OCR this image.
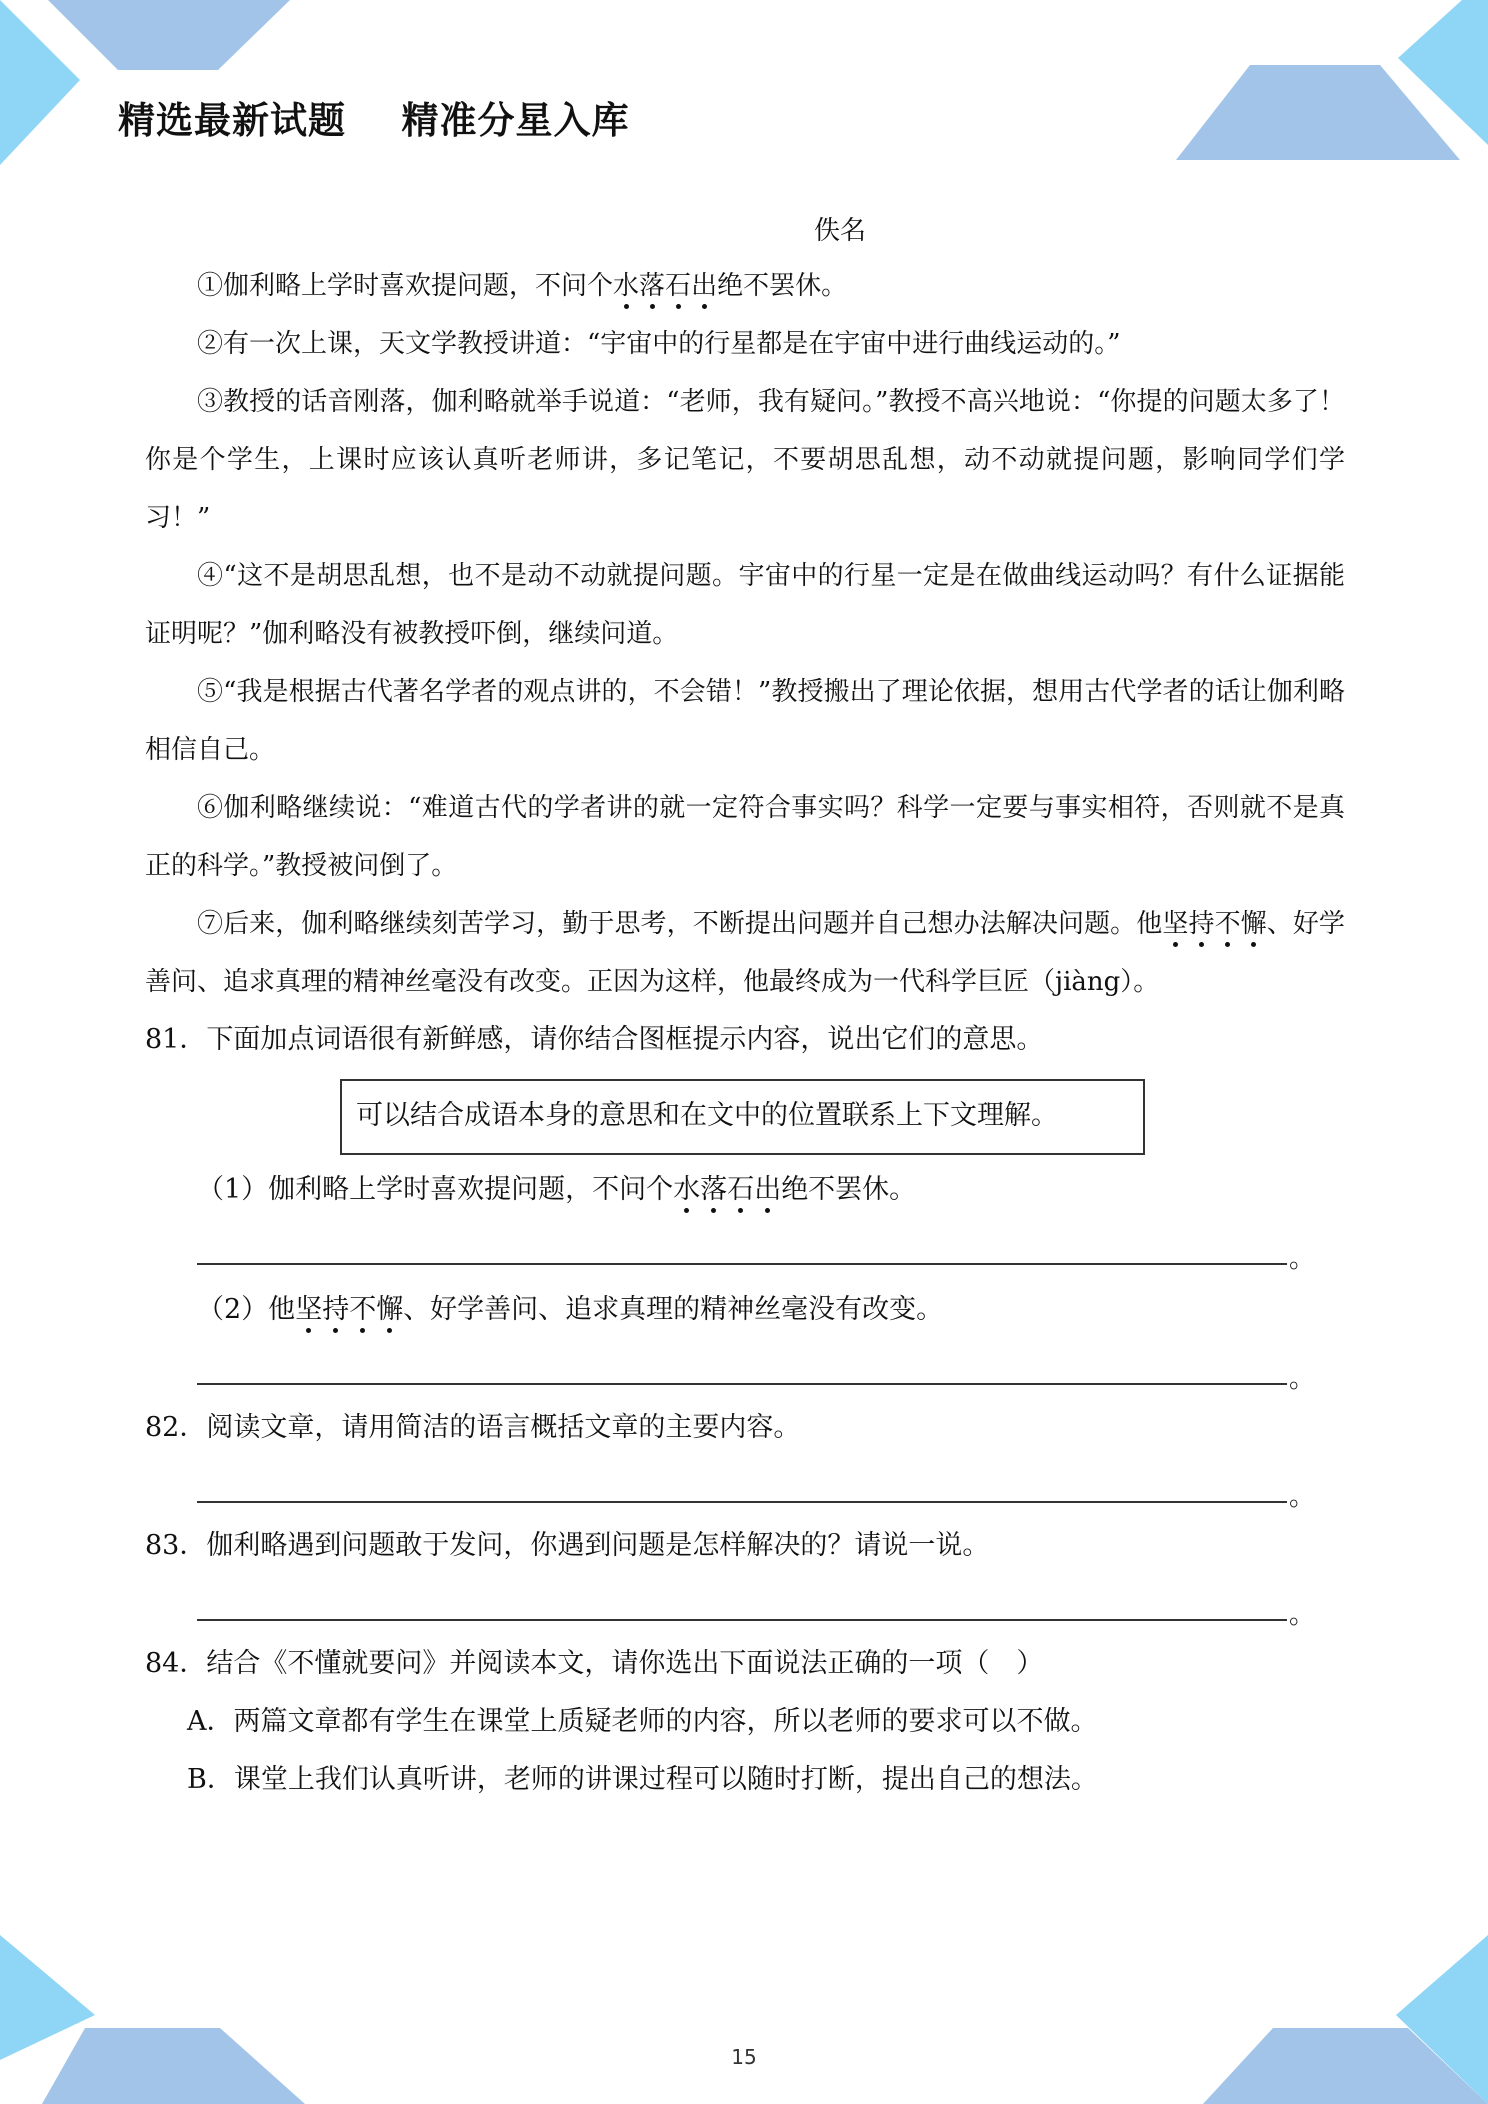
精选最新试题    精准分星入库
佚名

①伽利略上学时喜欢提问题，不问个水落石出绝不罢休。

②有一次上课，天文学教授讲道：“宇宙中的行星都是在宇宙中进行曲线运动的。”

③教授的话音刚落，伽利略就举手说道：“老师，我有疑问。”教授不高兴地说：“你提的问题太多了！你是个学生，上课时应该认真听老师讲，多记笔记，不要胡思乱想，动不动就提问题，影响同学们学习！”

④“这不是胡思乱想，也不是动不动就提问题。宇宙中的行星一定是在做曲线运动吗？有什么证据能证明呢？”伽利略没有被教授吓倒，继续问道。

⑤“我是根据古代著名学者的观点讲的，不会错！”教授搬出了理论依据，想用古代学者的话让伽利略相信自己。

⑥伽利略继续说：“难道古代的学者讲的就一定符合事实吗？科学一定要与事实相符，否则就不是真正的科学。”教授被问倒了。

⑦后来，伽利略继续刻苦学习，勤于思考，不断提出问题并自己想办法解决问题。他坚持不懈、好学善问、追求真理的精神丝毫没有改变。正因为这样，他最终成为一代科学巨匠（jiàng）。

81．下面加点词语很有新鲜感，请你结合图框提示内容，说出它们的意思。

可以结合成语本身的意思和在文中的位置联系上下文理解。

（1）伽利略上学时喜欢提问题，不问个水落石出绝不罢休。

。

（2）他坚持不懈、好学善问、追求真理的精神丝毫没有改变。

。

82．阅读文章，请用简洁的语言概括文章的主要内容。

。

83．伽利略遇到问题敢于发问，你遇到问题是怎样解决的？请说一说。

。

84．结合《不懂就要问》并阅读本文，请你选出下面说法正确的一项（　）

A．两篇文章都有学生在课堂上质疑老师的内容，所以老师的要求可以不做。

B．课堂上我们认真听讲，老师的讲课过程可以随时打断，提出自己的想法。

15
